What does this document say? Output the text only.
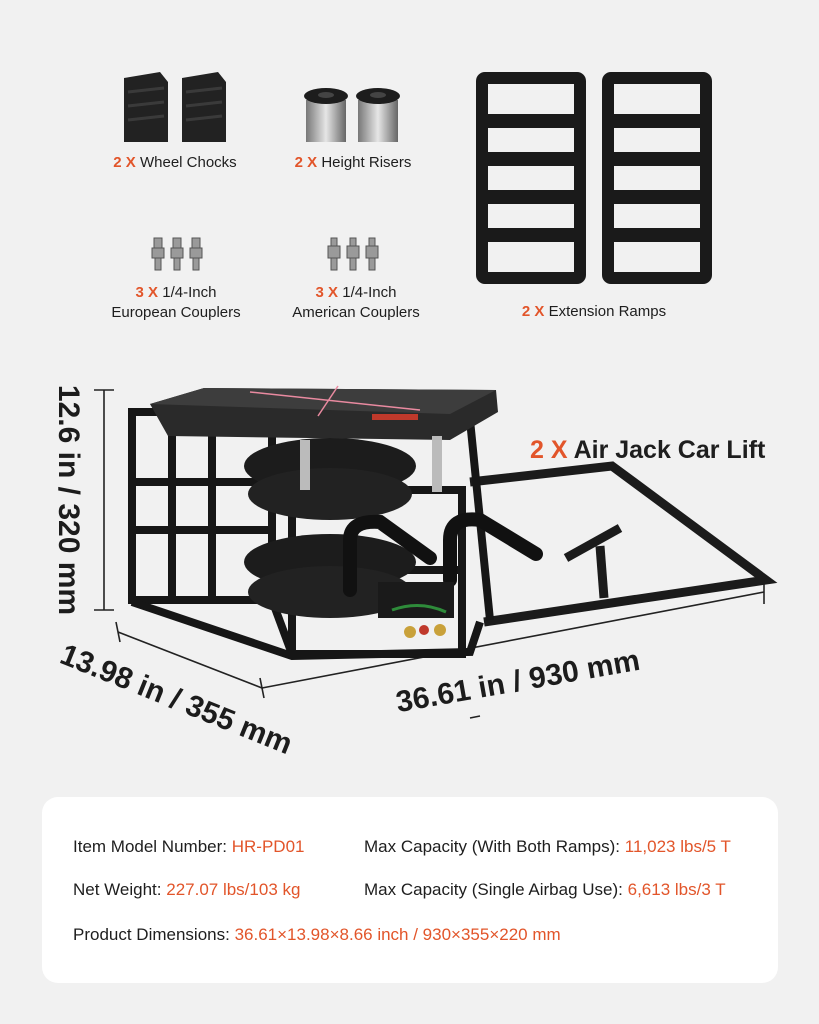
2 X Wheel Chocks	2 X Height Risers
2 X Extension Ramps
3 X 1/4-Inch
European Couplers
3 X 1/4-Inch
American Couplers
12.6 in / 320 mm
13.98 in / 355 mm	36.61 in / 930 mm
2 X Air Jack Car Lift
Item Model Number: HR-PD01
Net Weight: 227.07 lbs/103 kg
Product Dimensions: 36.61×13.98×8.66 inch / 930×355×220 mm
Max Capacity (With Both Ramps): 11,023 lbs/5 T
Max Capacity (Single Airbag Use): 6,613 lbs/3 T
